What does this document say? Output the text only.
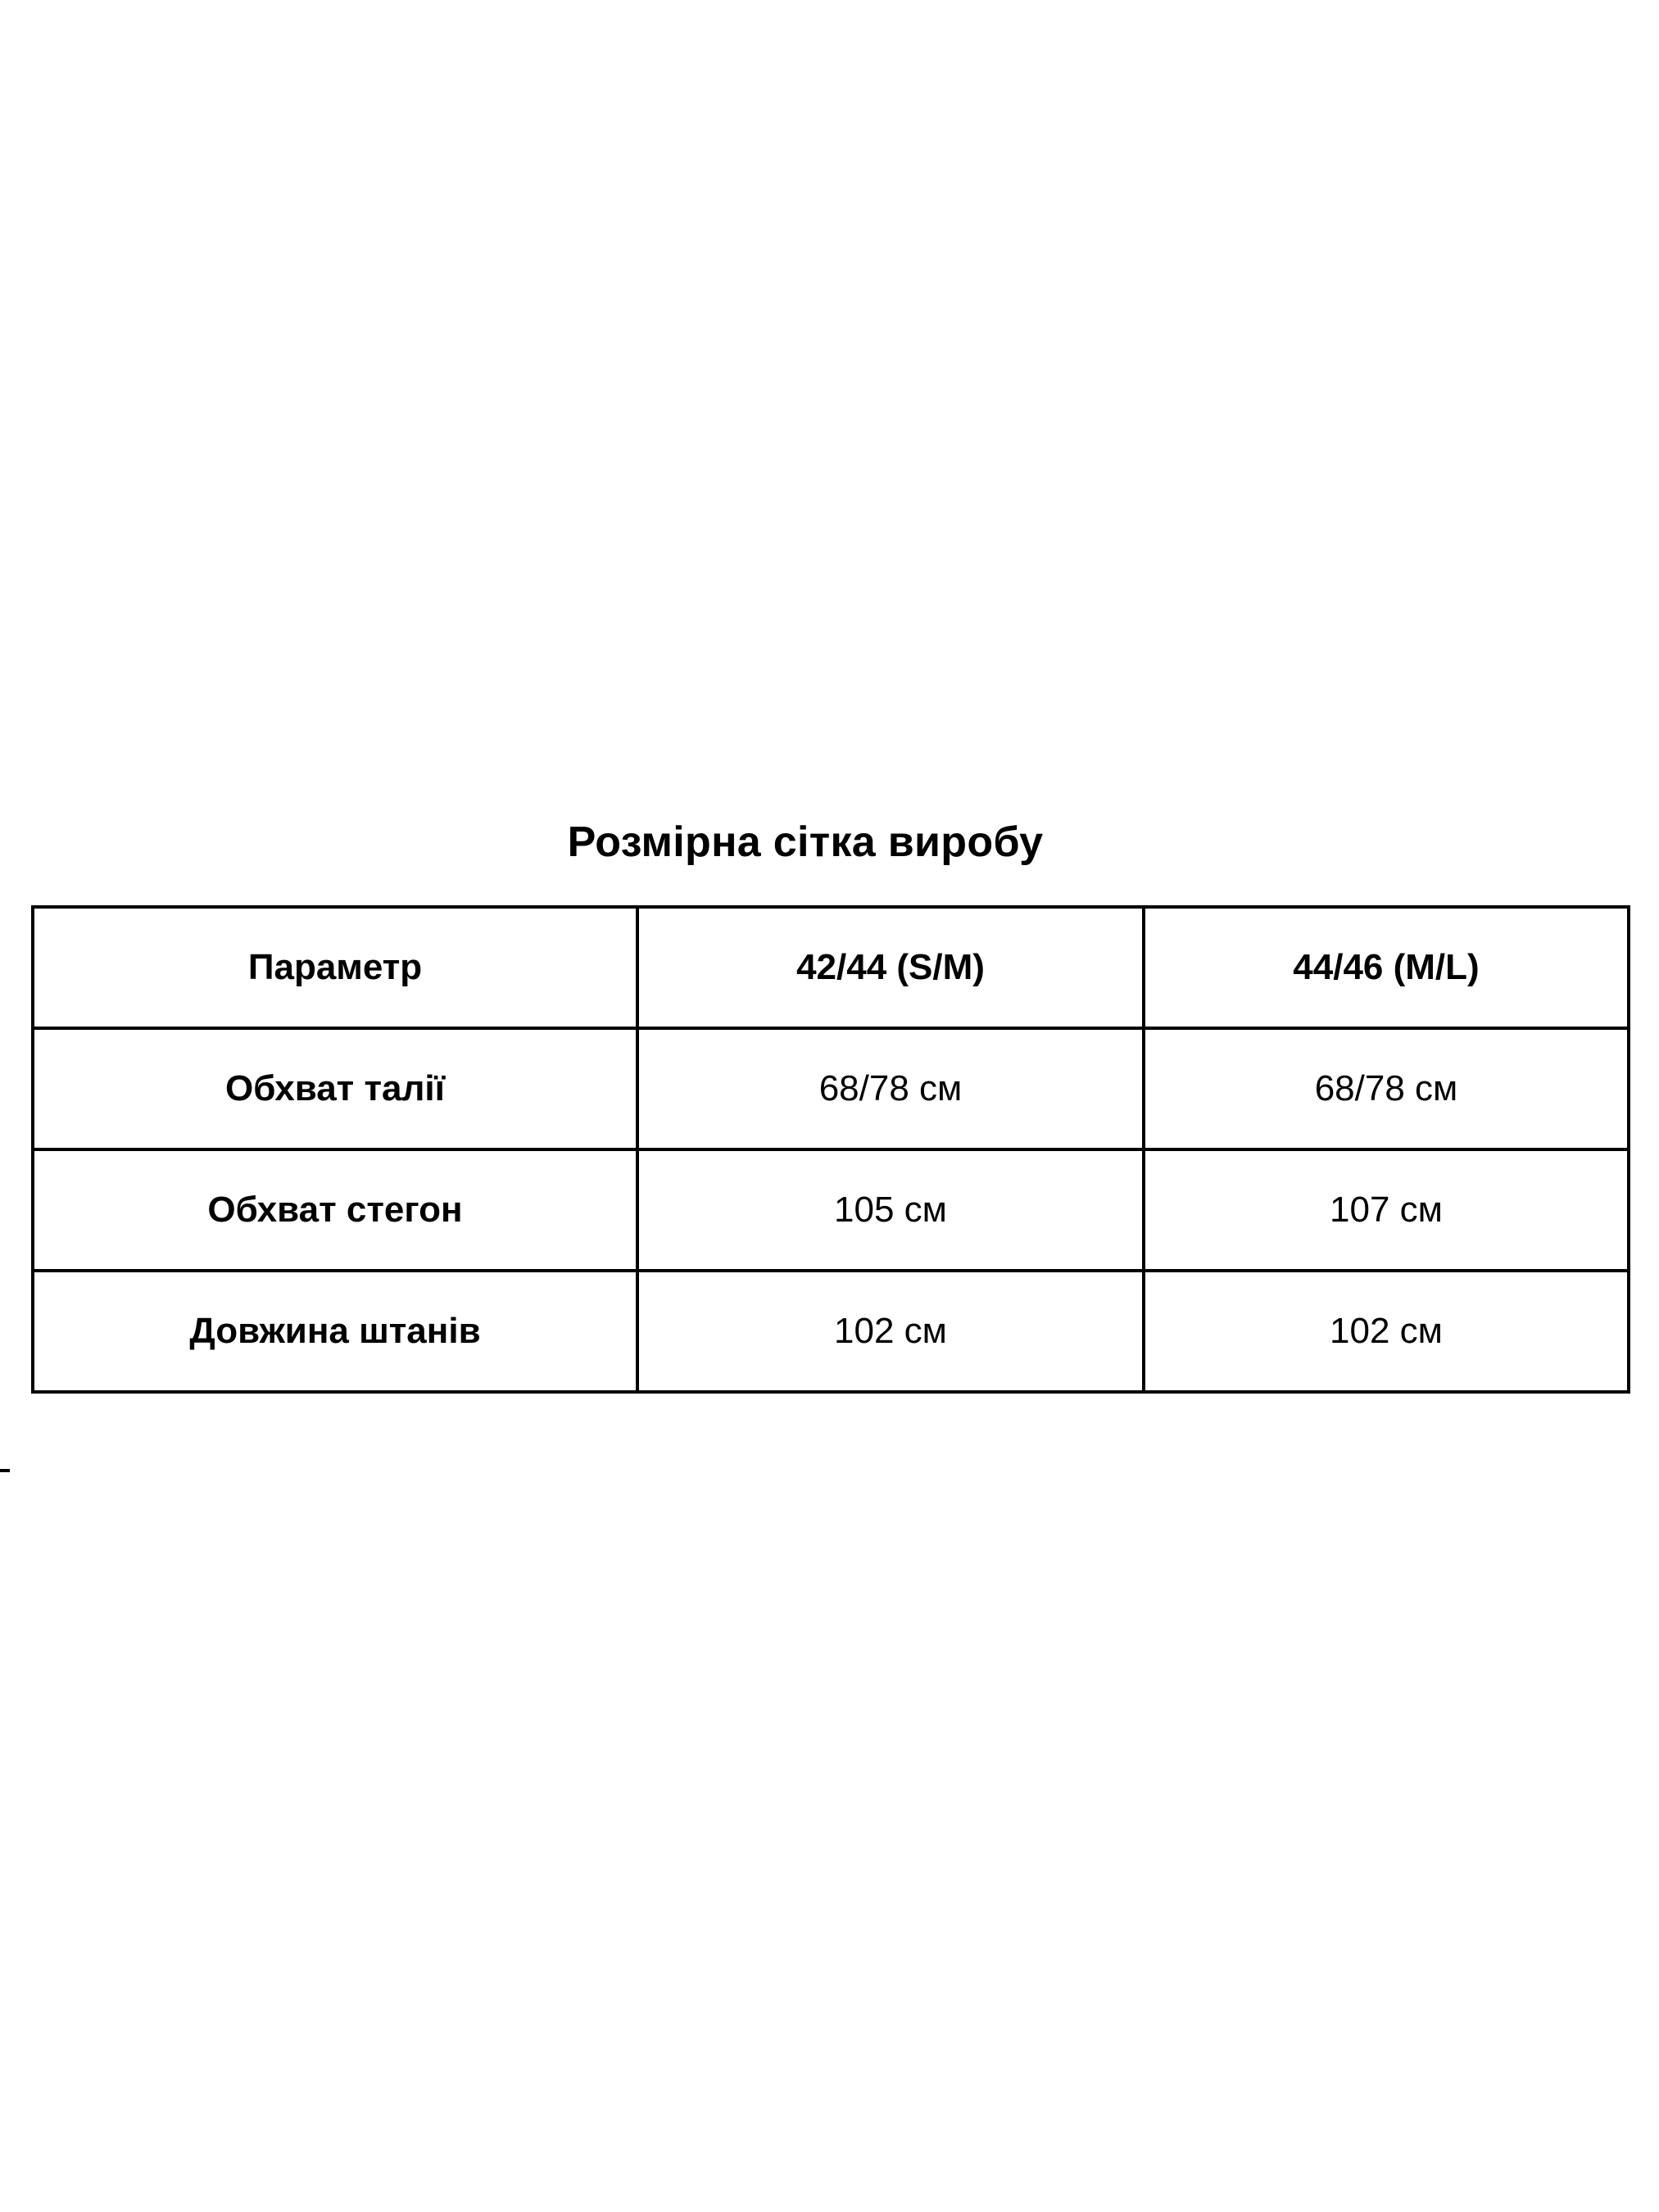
Розмірна сітка виробу
Параметр	42/44 (S/M)	44/46 (M/L)
Обхват талії	68/78 см	68/78 см
Обхват стегон	105 см	107 см
Довжина штанів	102 см	102 см
